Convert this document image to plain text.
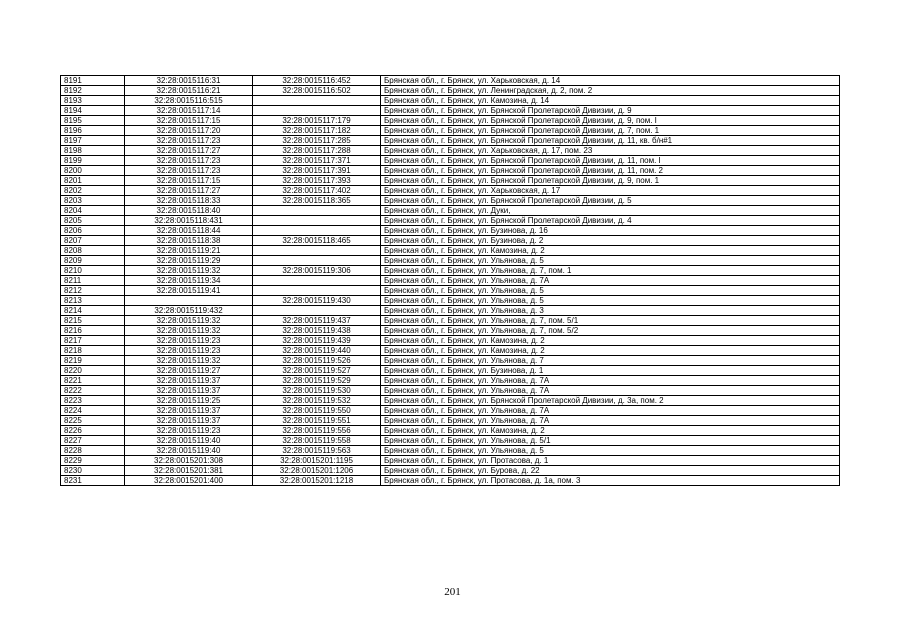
8191	32:28:0015116:31	32:28:0015116:452	Брянская обл., г. Брянск, ул. Харьковская, д. 14
8192	32:28:0015116:21	32:28:0015116:502	Брянская обл., г. Брянск, ул. Ленинградская, д. 2, пом. 2
8193	32:28:0015116:515		Брянская обл., г. Брянск, ул. Камозина, д. 14
8194	32:28:0015117:14		Брянская обл., г. Брянск, ул. Брянской Пролетарской Дивизии, д. 9
8195	32:28:0015117:15	32:28:0015117:179	Брянская обл., г. Брянск, ул. Брянской Пролетарской Дивизии, д. 9, пом. I
8196	32:28:0015117:20	32:28:0015117:182	Брянская обл., г. Брянск, ул. Брянской Пролетарской Дивизии, д. 7, пом. 1
8197	32:28:0015117:23	32:28:0015117:285	Брянская обл., г. Брянск, ул. Брянской Пролетарской Дивизии, д. 11, кв. б/н#1
8198	32:28:0015117:27	32:28:0015117:288	Брянская обл., г. Брянск, ул. Харьковская, д. 17, пом. 23
8199	32:28:0015117:23	32:28:0015117:371	Брянская обл., г. Брянск, ул. Брянской Пролетарской Дивизии, д. 11, пом. I
8200	32:28:0015117:23	32:28:0015117:391	Брянская обл., г. Брянск, ул. Брянской Пролетарской Дивизии, д. 11, пом. 2
8201	32:28:0015117:15	32:28:0015117:393	Брянская обл., г. Брянск, ул. Брянской Пролетарской Дивизии, д. 9, пом. 1
8202	32:28:0015117:27	32:28:0015117:402	Брянская обл., г. Брянск, ул. Харьковская, д. 17
8203	32:28:0015118:33	32:28:0015118:365	Брянская обл., г. Брянск, ул. Брянской Пролетарской Дивизии, д. 5
8204	32:28:0015118:40		Брянская обл., г. Брянск, ул. Дуки,
8205	32:28:0015118:431		Брянская обл., г. Брянск, ул. Брянской Пролетарской Дивизии, д. 4
8206	32:28:0015118:44		Брянская обл., г. Брянск, ул. Бузинова, д. 16
8207	32:28:0015118:38	32:28:0015118:465	Брянская обл., г. Брянск, ул. Бузинова, д. 2
8208	32:28:0015119:21		Брянская обл., г. Брянск, ул. Камозина, д. 2
8209	32:28:0015119:29		Брянская обл., г. Брянск, ул. Ульянова, д. 5
8210	32:28:0015119:32	32:28:0015119:306	Брянская обл., г. Брянск, ул. Ульянова, д. 7, пом. 1
8211	32:28:0015119:34		Брянская обл., г. Брянск, ул. Ульянова, д. 7А
8212	32:28:0015119:41		Брянская обл., г. Брянск, ул. Ульянова, д. 5
8213		32:28:0015119:430	Брянская обл., г. Брянск, ул. Ульянова, д. 5
8214	32:28:0015119:432		Брянская обл., г. Брянск, ул. Ульянова, д. 3
8215	32:28:0015119:32	32:28:0015119:437	Брянская обл., г. Брянск, ул. Ульянова, д. 7, пом. 5/1
8216	32:28:0015119:32	32:28:0015119:438	Брянская обл., г. Брянск, ул. Ульянова, д. 7, пом. 5/2
8217	32:28:0015119:23	32:28:0015119:439	Брянская обл., г. Брянск, ул. Камозина, д. 2
8218	32:28:0015119:23	32:28:0015119:440	Брянская обл., г. Брянск, ул. Камозина, д. 2
8219	32:28:0015119:32	32:28:0015119:526	Брянская обл., г. Брянск, ул. Ульянова, д. 7
8220	32:28:0015119:27	32:28:0015119:527	Брянская обл., г. Брянск, ул. Бузинова, д. 1
8221	32:28:0015119:37	32:28:0015119:529	Брянская обл., г. Брянск, ул. Ульянова, д. 7А
8222	32:28:0015119:37	32:28:0015119:530	Брянская обл., г. Брянск, ул. Ульянова, д. 7А
8223	32:28:0015119:25	32:28:0015119:532	Брянская обл., г. Брянск, ул. Брянской Пролетарской Дивизии, д. 3а, пом. 2
8224	32:28:0015119:37	32:28:0015119:550	Брянская обл., г. Брянск, ул. Ульянова, д. 7А
8225	32:28:0015119:37	32:28:0015119:551	Брянская обл., г. Брянск, ул. Ульянова, д. 7А
8226	32:28:0015119:23	32:28:0015119:556	Брянская обл., г. Брянск, ул. Камозина, д. 2
8227	32:28:0015119:40	32:28:0015119:558	Брянская обл., г. Брянск, ул. Ульянова, д. 5/1
8228	32:28:0015119:40	32:28:0015119:563	Брянская обл., г. Брянск, ул. Ульянова, д. 5
8229	32:28:0015201:308	32:28:0015201:1195	Брянская обл., г. Брянск, ул. Протасова, д. 1
8230	32:28:0015201:381	32:28:0015201:1206	Брянская обл., г. Брянск, ул. Бурова, д. 22
8231	32:28:0015201:400	32:28:0015201:1218	Брянская обл., г. Брянск, ул. Протасова, д. 1а, пом. 3
201
